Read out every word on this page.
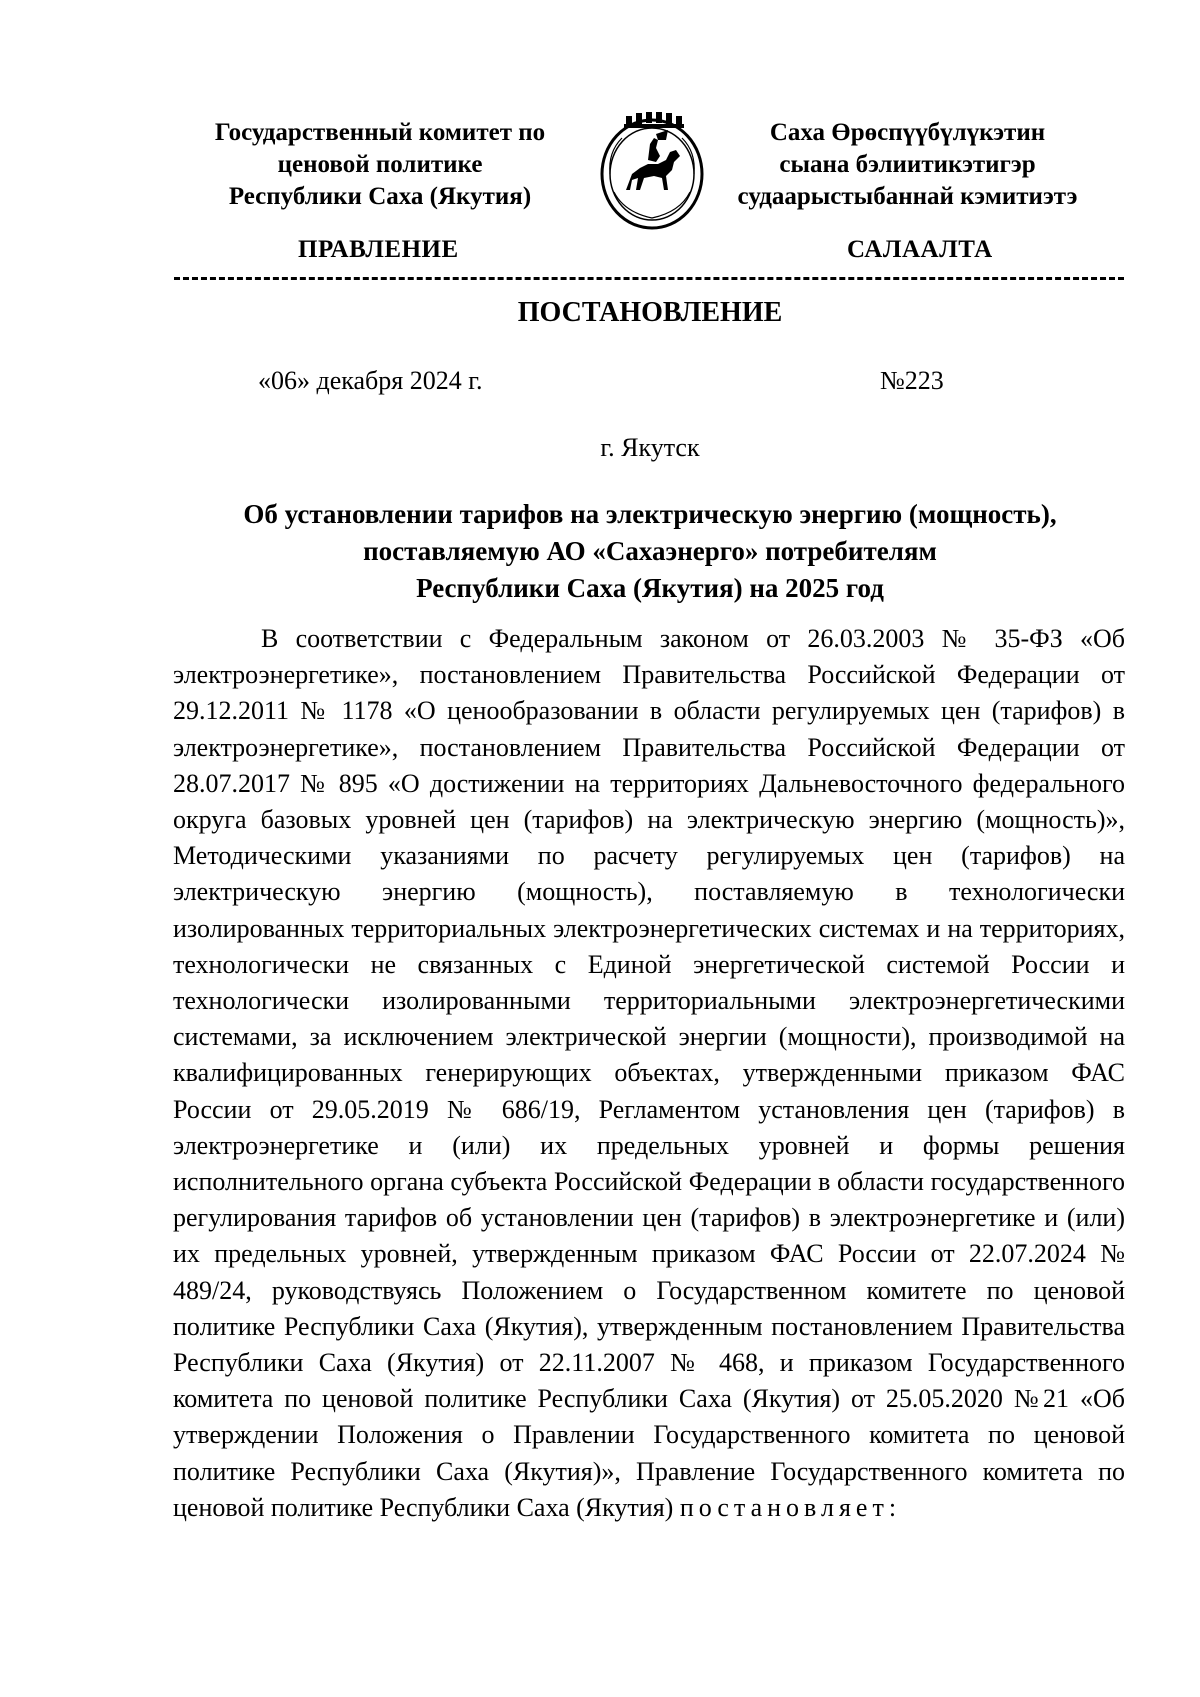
Государственный комитет по
ценовой политике
Республики Саха (Якутия)
Саха Өрөспүүбүлүкэтин
сыана бэлиитикэтигэр
судаарыстыбаннай кэмитиэтэ
ПРАВЛЕНИЕ	САЛААЛТА
ПОСТАНОВЛЕНИЕ
«06» декабря 2024 г.	№223
г. Якутск
Об установлении тарифов на электрическую энергию (мощность),
поставляемую АО «Сахаэнерго» потребителям
Республики Саха (Якутия) на 2025 год

В соответствии с Федеральным законом от 26.03.2003 № 35-ФЗ «Об электроэнергетике», постановлением Правительства Российской Федерации от 29.12.2011 № 1178 «О ценообразовании в области регулируемых цен (тарифов) в электроэнергетике», постановлением Правительства Российской Федерации от 28.07.2017 № 895 «О достижении на территориях Дальневосточного федерального округа базовых уровней цен (тарифов) на электрическую энергию (мощность)», Методическими указаниями по расчету регулируемых цен (тарифов) на электрическую энергию (мощность), поставляемую в технологически изолированных территориальных электроэнергетических системах и на территориях, технологически не связанных с Единой энергетической системой России и технологически изолированными территориальными электроэнергетическими системами, за исключением электрической энергии (мощности), производимой на квалифицированных генерирующих объектах, утвержденными приказом ФАС России от 29.05.2019 № 686/19, Регламентом установления цен (тарифов) в электроэнергетике и (или) их предельных уровней и формы решения исполнительного органа субъекта Российской Федерации в области государственного регулирования тарифов об установлении цен (тарифов) в электроэнергетике и (или) их предельных уровней, утвержденным приказом ФАС России от 22.07.2024 № 489/24, руководствуясь Положением о Государственном комитете по ценовой политике Республики Саха (Якутия), утвержденным постановлением Правительства Республики Саха (Якутия) от 22.11.2007 № 468, и приказом Государственного комитета по ценовой политике Республики Саха (Якутия) от 25.05.2020 №21 «Об утверждении Положения о Правлении Государственного комитета по ценовой политике Республики Саха (Якутия)», Правление Государственного комитета по ценовой политике Республики Саха (Якутия) постановляет:
